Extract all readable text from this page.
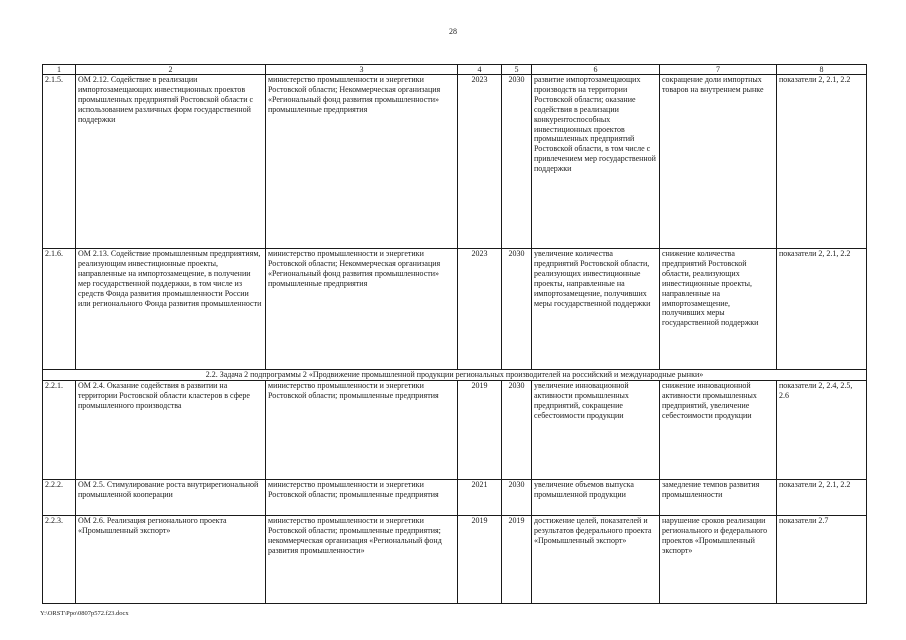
28
1	2	3	4	5	6	7	8
2.1.5.	ОМ 2.12. Содействие в реализации импортозамещающих инвестиционных проектов промышленных предприятий Ростовской области с использованием различных форм государственной поддержки	министерство промышленности и энергетики Ростовской области; Некоммерческая организация «Региональный фонд развития промышленности» промышленные предприятия	2023	2030	развитие импортозамещающих производств на территории Ростовской области; оказание содействия в реализации конкурентоспособных инвестиционных проектов промышленных предприятий Ростовской области, в том числе с привлечением мер государственной поддержки	сокращение доли импортных товаров на внутреннем рынке	показатели 2, 2.1, 2.2
2.1.6.	ОМ 2.13. Содействие промышленным предприятиям, реализующим инвестиционные проекты, направленные на импортозамещение, в получении мер государственной поддержки, в том числе из средств Фонда развития промышленности России или регионального Фонда развития промышленности	министерство промышленности и энергетики Ростовской области; Некоммерческая организация «Региональный фонд развития промышленности» промышленные предприятия	2023	2030	увеличение количества предприятий Ростовской области, реализующих инвестиционные проекты, направленные на импортозамещение, получивших меры государственной поддержки	снижение количества предприятий Ростовской области, реализующих инвестиционные проекты, направленные на импортозамещение, получивших меры государственной поддержки	показатели 2, 2.1, 2.2
2.2. Задача 2 подпрограммы 2 «Продвижение промышленной продукции региональных производителей на российский и международные рынки»							
2.2.1.	ОМ 2.4. Оказание содействия в развитии на территории Ростовской области кластеров в сфере промышленного производства	министерство промышленности и энергетики Ростовской области; промышленные предприятия	2019	2030	увеличение инновационной активности промышленных предприятий, сокращение себестоимости продукции	снижение инновационной активности промышленных предприятий, увеличение себестоимости продукции	показатели 2, 2.4, 2.5, 2.6
2.2.2.	ОМ 2.5. Стимулирование роста внутрирегиональной промышленной кооперации	министерство промышленности и энергетики Ростовской области; промышленные предприятия	2021	2030	увеличение объемов выпуска промышленной продукции	замедление темпов развития промышленности	показатели 2, 2.1, 2.2
2.2.3.	ОМ 2.6. Реализация регионального проекта «Промышленный экспорт»	министерство промышленности и энергетики Ростовской области; промышленные предприятия; некоммерческая организация «Региональный фонд развития промышленности»	2019	2019	достижение целей, показателей и результатов федерального проекта «Промышленный экспорт»	нарушение сроков реализации регионального и федерального проектов «Промышленный экспорт»	показатели 2.7
Y:\ORST\Ppo\0807p572.f23.docx
